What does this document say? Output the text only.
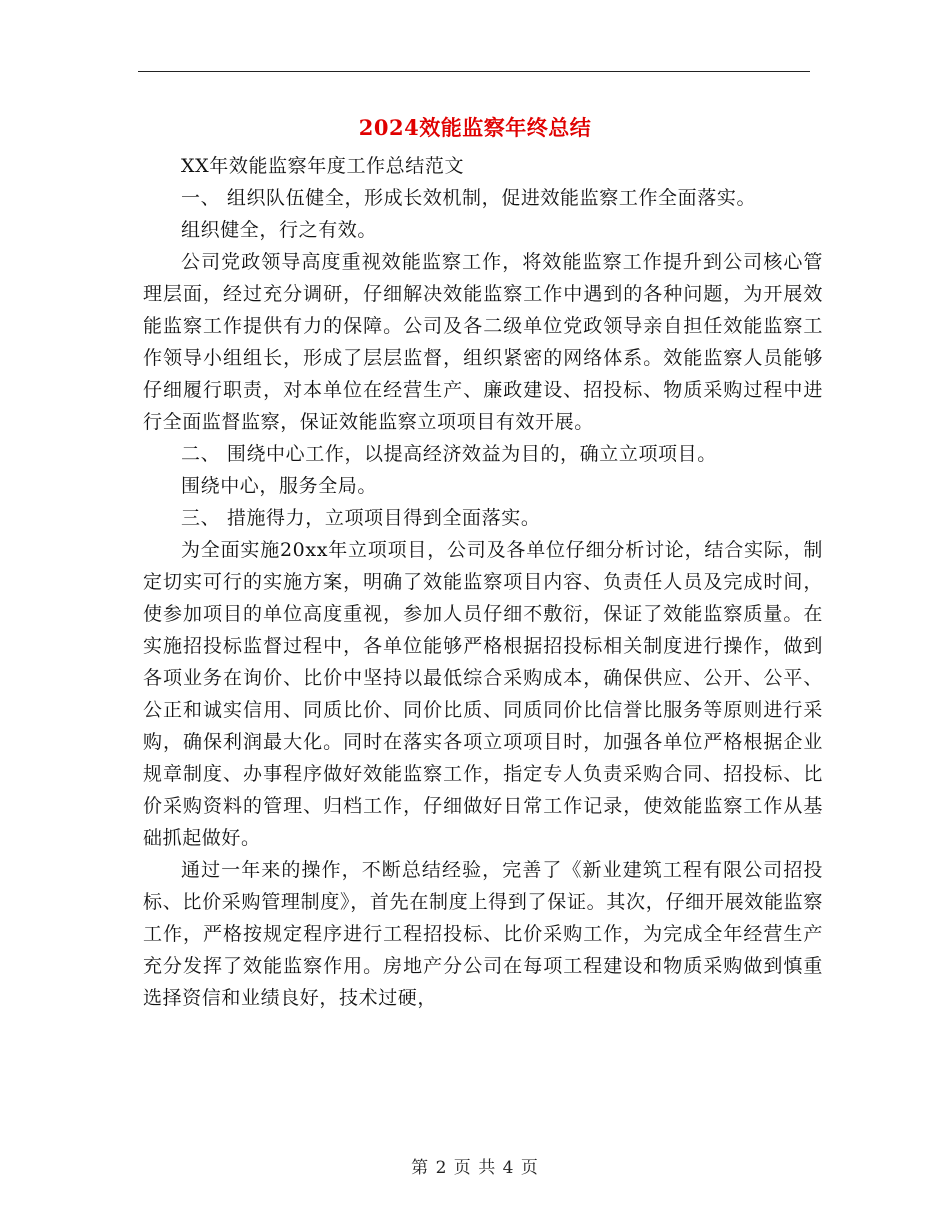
2024效能监察年终总结

XX年效能监察年度工作总结范文

一、 组织队伍健全，形成长效机制，促进效能监察工作全面落实。

组织健全，行之有效。

公司党政领导高度重视效能监察工作，将效能监察工作提升到公司核心管理层面，经过充分调研，仔细解决效能监察工作中遇到的各种问题，为开展效能监察工作提供有力的保障。公司及各二级单位党政领导亲自担任效能监察工作领导小组组长，形成了层层监督，组织紧密的网络体系。效能监察人员能够仔细履行职责，对本单位在经营生产、廉政建设、招投标、物质采购过程中进行全面监督监察，保证效能监察立项项目有效开展。

二、 围绕中心工作，以提高经济效益为目的，确立立项项目。

围绕中心，服务全局。

三、 措施得力，立项项目得到全面落实。

为全面实施20xx年立项项目，公司及各单位仔细分析讨论，结合实际，制定切实可行的实施方案，明确了效能监察项目内容、负责任人员及完成时间，使参加项目的单位高度重视，参加人员仔细不敷衍，保证了效能监察质量。在实施招投标监督过程中，各单位能够严格根据招投标相关制度进行操作，做到各项业务在询价、比价中坚持以最低综合采购成本，确保供应、公开、公平、公正和诚实信用、同质比价、同价比质、同质同价比信誉比服务等原则进行采购，确保利润最大化。同时在落实各项立项项目时，加强各单位严格根据企业规章制度、办事程序做好效能监察工作，指定专人负责采购合同、招投标、比价采购资料的管理、归档工作，仔细做好日常工作记录，使效能监察工作从基础抓起做好。

通过一年来的操作，不断总结经验，完善了《新业建筑工程有限公司招投标、比价采购管理制度》，首先在制度上得到了保证。其次，仔细开展效能监察工作，严格按规定程序进行工程招投标、比价采购工作，为完成全年经营生产充分发挥了效能监察作用。房地产分公司在每项工程建设和物质采购做到慎重选择资信和业绩良好，技术过硬，

第 2 页 共 4 页
